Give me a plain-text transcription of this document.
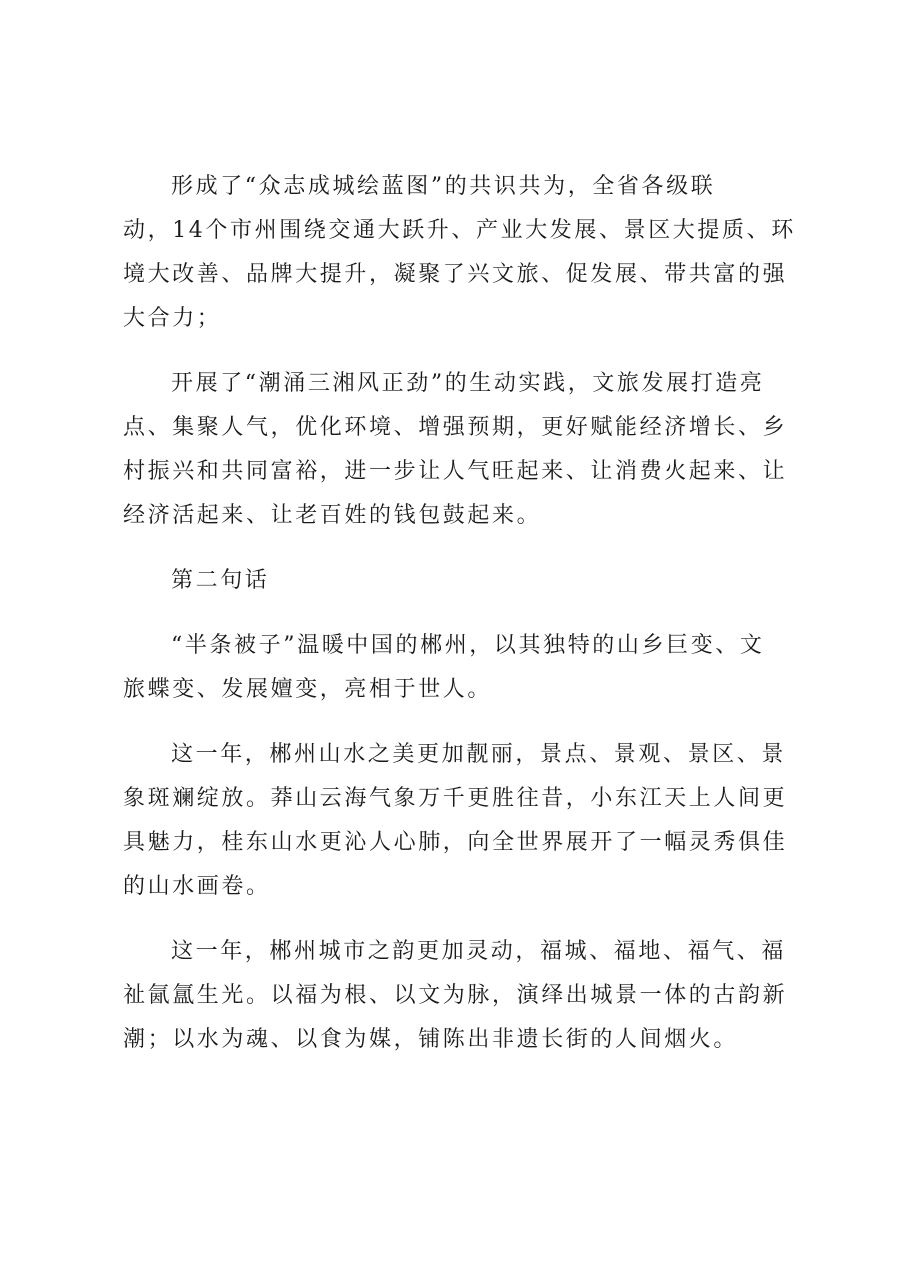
形成了“众志成城绘蓝图”的共识共为，全省各级联
动，14个市州围绕交通大跃升、产业大发展、景区大提质、环
境大改善、品牌大提升，凝聚了兴文旅、促发展、带共富的强
大合力；

开展了“潮涌三湘风正劲”的生动实践，文旅发展打造亮
点、集聚人气，优化环境、增强预期，更好赋能经济增长、乡
村振兴和共同富裕，进一步让人气旺起来、让消费火起来、让
经济活起来、让老百姓的钱包鼓起来。

第二句话

“半条被子”温暖中国的郴州，以其独特的山乡巨变、文
旅蝶变、发展嬗变，亮相于世人。

这一年，郴州山水之美更加靓丽，景点、景观、景区、景
象斑斓绽放。莽山云海气象万千更胜往昔，小东江天上人间更
具魅力，桂东山水更沁人心肺，向全世界展开了一幅灵秀俱佳
的山水画卷。

这一年，郴州城市之韵更加灵动，福城、福地、福气、福
祉氤氲生光。以福为根、以文为脉，演绎出城景一体的古韵新
潮；以水为魂、以食为媒，铺陈出非遗长街的人间烟火。
